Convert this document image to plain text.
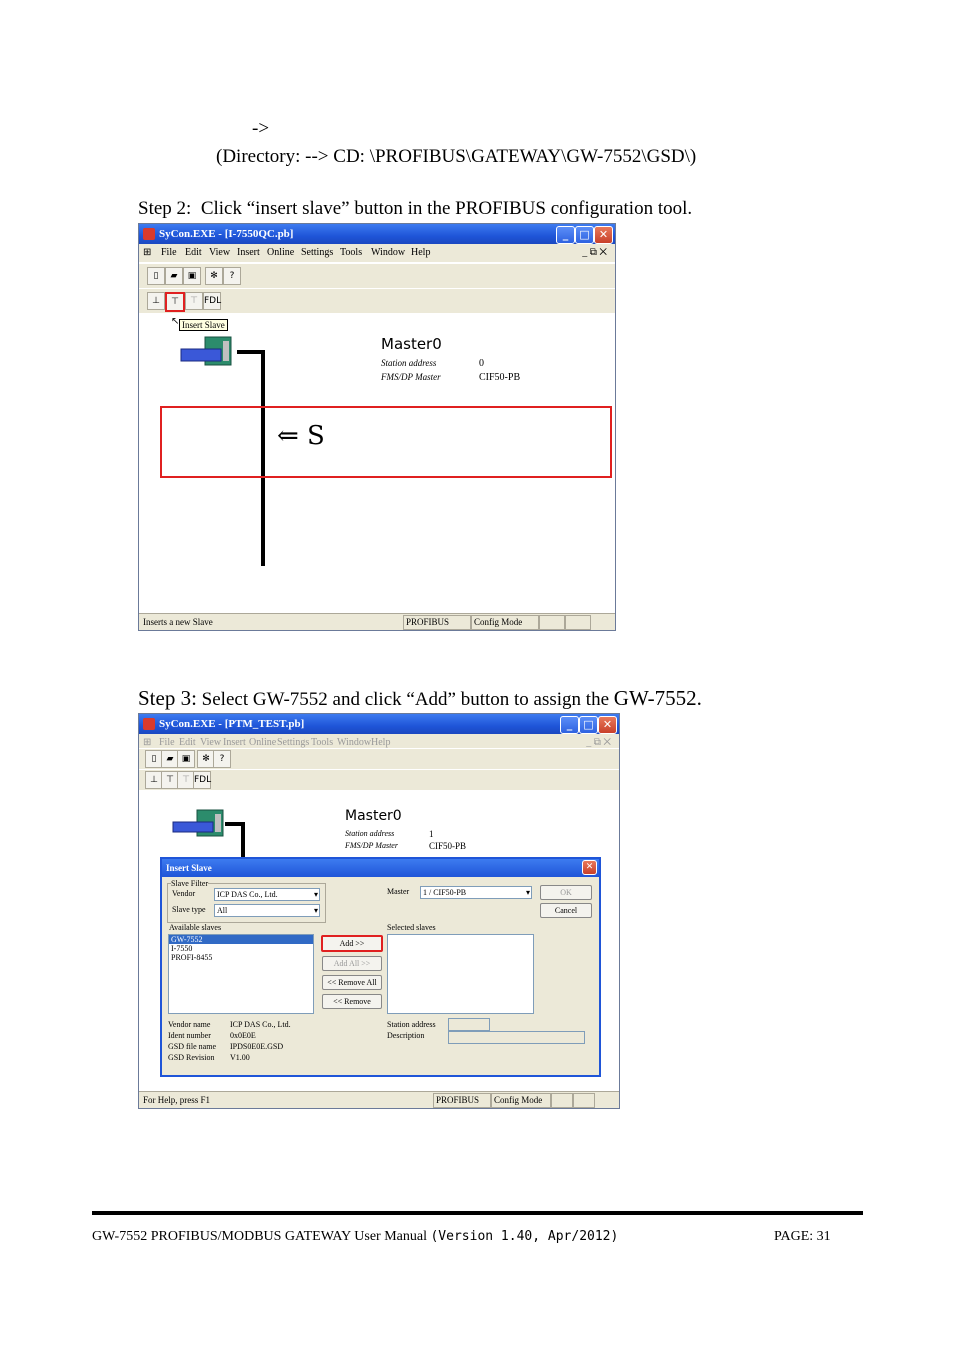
->
(Directory: --> CD: \PROFIBUS\GATEWAY\GW-7552\GSD\)
Step 2: Click “insert slave” button in the PROFIBUS configuration tool.
SyCon.EXE - [I-7550QC.pb]	_	□ ✕
⊞ File Edit View Insert Online Settings Tools Window Help	_ ⧉ ✕
▯	▰	▣	✻	?
⊥	⊤	⊤ FDL
↖ Insert Slave
Master0
Station address	0
FMS/DP Master	CIF50-PB
⇐ S
Inserts a new Slave	PROFIBUS	Config Mode
Step 3: Select GW-7552 and click “Add” button to assign the GW-7552.
SyCon.EXE - [PTM_TEST.pb]	_	□ ✕
⊞ File Edit View Insert Online Settings Tools Window Help	_ ⧉ ✕
▯	▰ ▣	✻	?
⊥ ⊤ ⊤ FDL
Master0
Station address	1
FMS/DP Master	CIF50-PB
For Help, press F1	PROFIBUS	Config Mode
Insert Slave	✕
Slave Filter
Vendor	ICP DAS Co., Ltd. ▾
Slave type	All ▾
Master	1 / CIF50-PB ▾	OK
Cancel
Available slaves
GW-7552
I-7550
PROFI-8455
Add >>
Add All >>
<< Remove All
<< Remove
Selected slaves
Vendor name ICP DAS Co., Ltd.
Ident number 0x0E0E
GSD file name IPDS0E0E.GSD
GSD Revision V1.00
Station address
Description
GW-7552 PROFIBUS/MODBUS GATEWAY User Manual (Version 1.40, Apr/2012)	PAGE: 31
